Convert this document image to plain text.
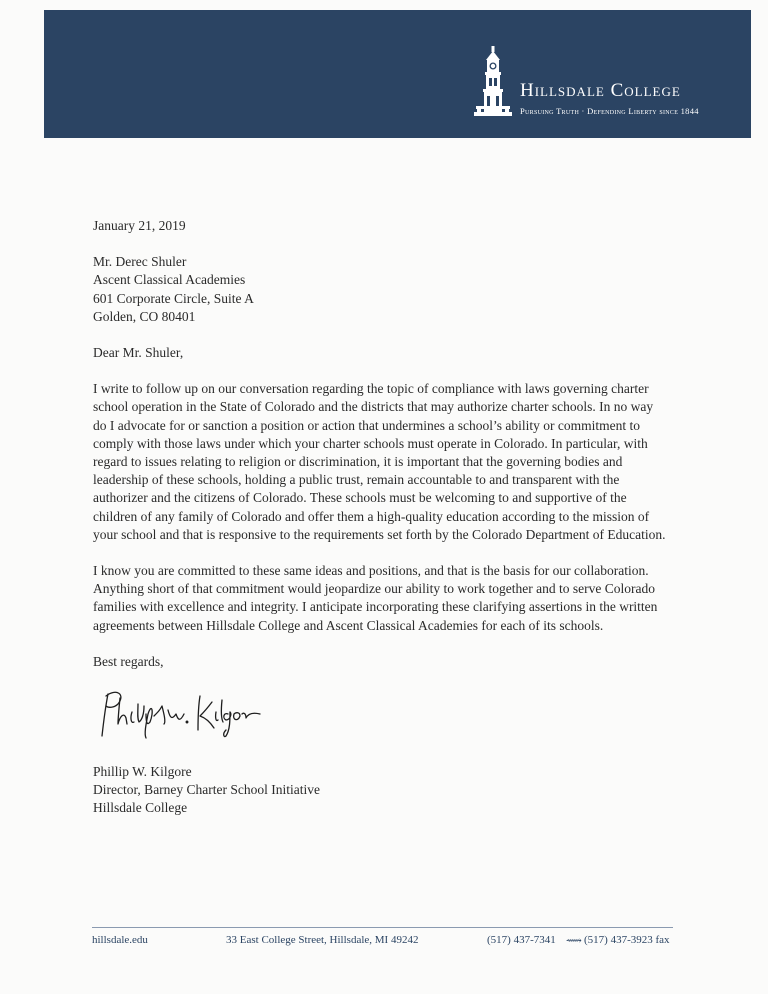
Hillsdale College
Pursuing Truth · Defending Liberty since 1844
January 21, 2019
Mr. Derec Shuler
Ascent Classical Academies
601 Corporate Circle, Suite A
Golden, CO 80401
Dear Mr. Shuler,
I write to follow up on our conversation regarding the topic of compliance with laws governing charter
school operation in the State of Colorado and the districts that may authorize charter schools. In no way
do I advocate for or sanction a position or action that undermines a school’s ability or commitment to
comply with those laws under which your charter schools must operate in Colorado. In particular, with
regard to issues relating to religion or discrimination, it is important that the governing bodies and
leadership of these schools, holding a public trust, remain accountable to and transparent with the
authorizer and the citizens of Colorado. These schools must be welcoming to and supportive of the
children of any family of Colorado and offer them a high-quality education according to the mission of
your school and that is responsive to the requirements set forth by the Colorado Department of Education.
I know you are committed to these same ideas and positions, and that is the basis for our collaboration.
Anything short of that commitment would jeopardize our ability to work together and to serve Colorado
families with excellence and integrity. I anticipate incorporating these clarifying assertions in the written
agreements between Hillsdale College and Ascent Classical Academies for each of its schools.
Best regards,
Phillip W. Kilgore
Director, Barney Charter School Initiative
Hillsdale College
hillsdale.edu	33 East College Street, Hillsdale, MI 49242	(517) 437-7341 ⟿ (517) 437-3923 fax
